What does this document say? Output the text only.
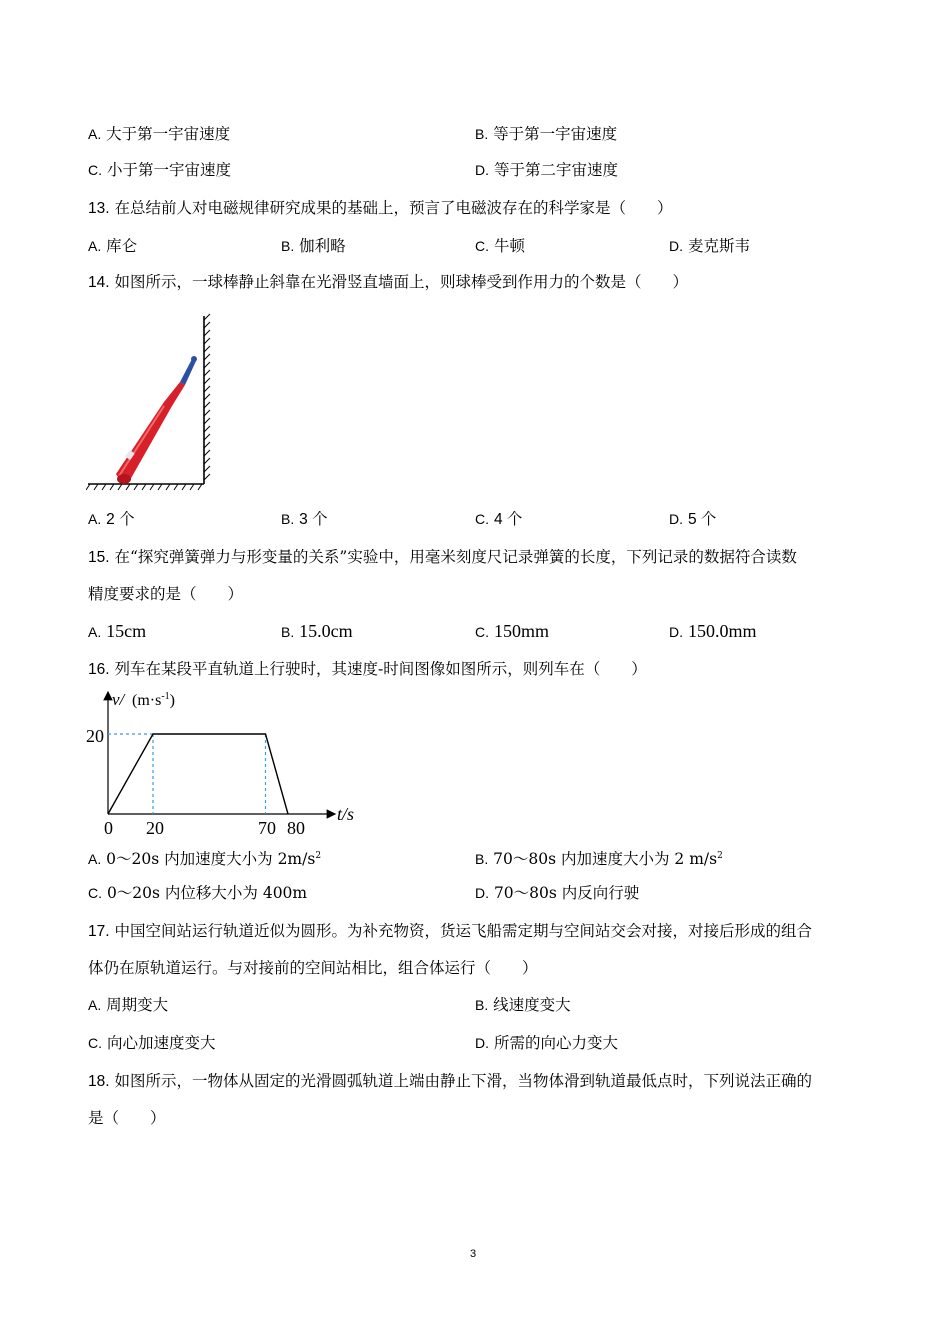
A. 大于第一宇宙速度	B. 等于第一宇宙速度
C. 小于第一宇宙速度	D. 等于第二宇宙速度
13. 在总结前人对电磁规律研究成果的基础上，预言了电磁波存在的科学家是（　　）
A. 库仑	B. 伽利略	C. 牛顿	D. 麦克斯韦
14. 如图所示，一球棒静止斜靠在光滑竖直墙面上，则球棒受到作用力的个数是（　　）
A. 2 个	B. 3 个	C. 4 个	D. 5 个
15. 在“探究弹簧弹力与形变量的关系”实验中，用毫米刻度尺记录弹簧的长度，下列记录的数据符合读数
精度要求的是（　　）
A. 15cm	B. 15.0cm	C. 150mm	D. 150.0mm
16. 列车在某段平直轨道上行驶时，其速度-时间图像如图所示，则列车在（　　）
v/ $(m\cdot s^{-1})$
20
0 20	70 80
t/s
A. 0～20s 内加速度大小为 $2m/s^2$	B. 70～80s 内加速度大小为 2 $m/s^2$
C. 0～20s 内位移大小为 400m	D. 70～80s 内反向行驶
17. 中国空间站运行轨道近似为圆形。为补充物资，货运飞船需定期与空间站交会对接，对接后形成的组合
体仍在原轨道运行。与对接前的空间站相比，组合体运行（　　）
A. 周期变大	B. 线速度变大
C. 向心加速度变大	D. 所需的向心力变大
18. 如图所示，一物体从固定的光滑圆弧轨道上端由静止下滑，当物体滑到轨道最低点时，下列说法正确的
是（　　）
3
